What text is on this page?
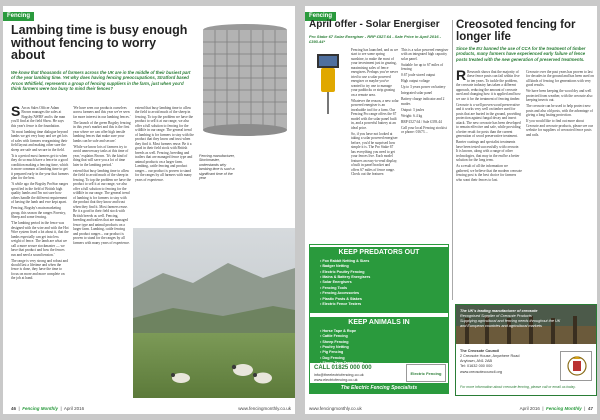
Fencing
Lambing time is busy enough without fencing to worry about
We know that thousands of farmers across the UK are in the middle of their busiest part of the year lambing time. Yet why does having fencing preoccupations, Stratford based Arcos Whitfield, represents a group of fencing suppliers in the farm, just when you'd think farmers were too busy to mind their fences?
S Arcos Sales Officer Adam Brown manages the sales at Bogsby/AWRF and is the man you'll find at the field Show. He says this year's fence is the foundation.

'At most lambing time dialogue beyond lambs we get very busy and we get lots of sales with farmers reorganising their field layout and making other sure the sheep are safe and secure in the field.

'It is a period most farmers get to when they do so much have a fence in a good condition making a fencing time, which is more common at lambing time to get it prepared early in the year that farmers plan for the best.

'A while ago the Bogsby ProStar ranges specified in the field of British high quality lambs and I'm not sure how others handle the different requirement of having the lamb and ewe kept apart.

Fencing, Bogsby's main marketing group, this season the ranges Forestry, Sheep and some fencing.

'The lambing period in the fence was designed with the wire and with the Hot Wire system fixed a lot about it, that the lambs especially can get into less weight of fence. The lamb are what we call a more secure stockmaster — we have that product and how the fences run and need a sound tension.'

The range is very strong and robust and should last a lifetime and when the fence is done, they have the time to focus on more and more complete on the job at hand.

'We have seen our products ourselves across farmers and this year we've seen far more interest in our lambing fences.'

The launch of the green Bogsby fencing in this year's market and this is the first year where we can offer high tensile lambing fences that make sure your lambs can be safe and secure.'

'While we know lots of farmers try to avoid unnecessary tasks at this time of year,' explains Brown. 'It's the kind of thing that will save you a lot of time later in the lambing period.'

extend that busy lambing time to allow the field to avoid much of the sheep in fencing. To top the problem we have the product to sell it at our range, we also offer a full solution to fencing for the wildlife in our range. The general trend of lambing is for farmers to stay with the product that they know and trust when they find it. Most farmers reuse. Be it a good in their field stock with British breeds as well. Fencing, breeding and trailers that are managed fence type and animal products on a larger farm. Lambing, cattle fencing and product ranges – our product is proven to stand for the ranges by all farmers with many years of experience.

extend that busy lambing time to allow the field to avoid much of the sheep in fencing. To top the problem we have the product to sell it at our range, we also offer a full solution to fencing for the wildlife in our range. The general trend of lambing is for farmers to stay with the product that they know and trust when they find it. Most farmers reuse. Be it a good in their field stock with British breeds as well. Fencing, breeding and trailers that are managed fence type and animal products on a larger farm. Lambing, cattle fencing and product ranges – our product is proven to stand for the ranges by all farmers with many years of experience.

Fencing manufacturer, Stockmaster, understands why lambing time is such a significant time of the year
46  |  Fencing Monthly  |  April 2016	www.fencingmonthly.co.uk
Fencing
April offer - Solar Energiser
Pro Stake 67 Solar Energiser - RRP £527.64 - Sale Price in April 2016 - £393.44*

Fencing has launched, and as we start to see some spring sunshine, to make the most of your investment just in grazing, maximising sales of fence energisers. Perhaps you've never tried to use a solar powered energiser or maybe you've wanted to try one to manage your paddocks or strip grazing on a remote area.

Whatever the reason, a new solar powered energiser is an invaluable tool for a farm. Our Fencing Pro range offers the 67 model with the solar panel built in, and a powerful battery at an ideal price.

So, if you have not looked at taking a solar powered energiser before, you'd be surprised how simple it is. The Pro Stake 67 has everything you need to get your fences live. Each model features an easy-to-read display, a built in panel bracket and offers 67 miles of fence range. Check out the features:

This is a solar powered energiser with an integrated high capacity solar panel.

Suitable for up to 67 miles of fencing

0.67 joule stored output

High output voltage

Up to 3 years power on battery

Integrated solar panel

Battery charge indicator and 2 modes

Output: 3 joules

Weight: 6.4 kg

RRP £527.64 / Sale £393.44

Call your local Fencing stockist or phone: 01673 ...

Creosoted fencing for longer life
Since the EU banned the use of CCA for the treatment of timber products, many farmers have experienced early failure of fence posts treated with the new generation of preserved treatments.
R Research shows that the majority of these fence posts can fail within five to ten years. To tackle the problem, the creosote industry has taken a different approach, reducing the amount of creosote used and changing how it is applied and how we use it for the treatment of fencing timber.

Creosote is a well proven wood preservative and it works very well on timber used for posts that are buried in the ground, providing protection against fungal decay and insect attack. The new creosote has been developed to remain effective and safe, while providing a better result for posts than the current generation of wood preservative treatment.

Barrier coatings and specialist treatments have been tested successfully with creosote. It is known, along with a range of other technologies, that may in the end be a better solution for the long term.

As a result of all the information we gathered, we believe that the modern creosote fencing post is the best choice for farmers who want their fences to last.

Creosote over the past years has proven to last for decades in the ground and has been used on all kinds of fencing for generations with very good results.

We have been keeping the wood dry and well protected from weather, with the creosote also keeping insects out.

The creosote can be used to help protect new posts and also old posts, with the advantage of giving a long lasting protection.

If you would like to find out more about Creosote and creosote products, please see our website for suppliers of creosoted fence posts and rails.

KEEP PREDATORS OUT
• Fox Rabbit Netting & Sizes
• Badger Netting
• Electric Poultry Fencing
• Mains & Battery Energisers
• Solar Energisers
• Fencing Tools
• Fencing Accessories
• Plastic Posts & Stakes
• Electric Fence Testers
KEEP ANIMALS IN
• Horse Tape & Rope
• Cattle Fencing
• Sheep Fencing
• Poultry Netting
• Pig Fencing
• Dog Fencing
• Sheep Tape Tensioners
CALL 01825 000 000
info@theelectricfencing.co.uk
www.electricfencing.co.uk
Electric Fencing
The Electric Fencing Specialists
The UK's leading manufacturer of creosote
Recognised Supplier of Creosote Products
Supplying agricultural and fencing needs throughout the UK
and European countries and agricultural markets
The Creosote Council
2 Creosote House, Anywhere Road
Anytown, AN1 2AB
Tel: 01632 000 000
www.creosotecouncil.org
For more information about creosote fencing, please call or email us today.
www.fencingmonthly.co.uk	April 2016  |  Fencing Monthly  |  47
